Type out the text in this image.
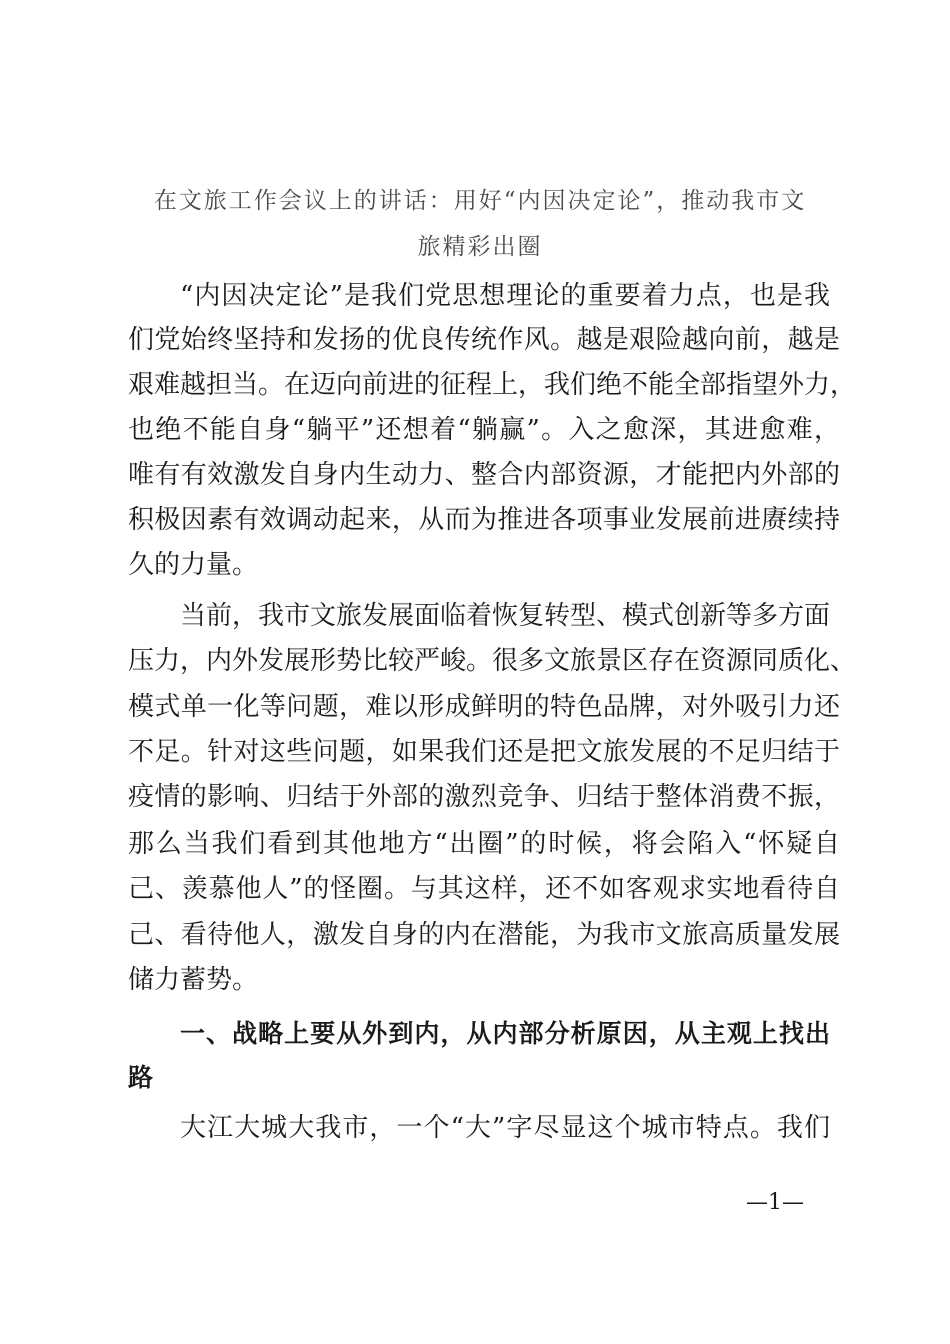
在文旅工作会议上的讲话：用好“内因决定论”，推动我市文
旅精彩出圈
“内因决定论”是我们党思想理论的重要着力点，也是我
们党始终坚持和发扬的优良传统作风。越是艰险越向前，越是
艰难越担当。在迈向前进的征程上，我们绝不能全部指望外力，
也绝不能自身“躺平”还想着“躺赢”。入之愈深，其进愈难，
唯有有效激发自身内生动力、整合内部资源，才能把内外部的
积极因素有效调动起来，从而为推进各项事业发展前进赓续持
久的力量。
当前，我市文旅发展面临着恢复转型、模式创新等多方面
压力，内外发展形势比较严峻。很多文旅景区存在资源同质化、
模式单一化等问题，难以形成鲜明的特色品牌，对外吸引力还
不足。针对这些问题，如果我们还是把文旅发展的不足归结于
疫情的影响、归结于外部的激烈竞争、归结于整体消费不振，
那么当我们看到其他地方“出圈”的时候，将会陷入“怀疑自
己、羡慕他人”的怪圈。与其这样，还不如客观求实地看待自
己、看待他人，激发自身的内在潜能，为我市文旅高质量发展
储力蓄势。
一、战略上要从外到内，从内部分析原因，从主观上找出
路
大江大城大我市，一个“大”字尽显这个城市特点。我们
—1—
